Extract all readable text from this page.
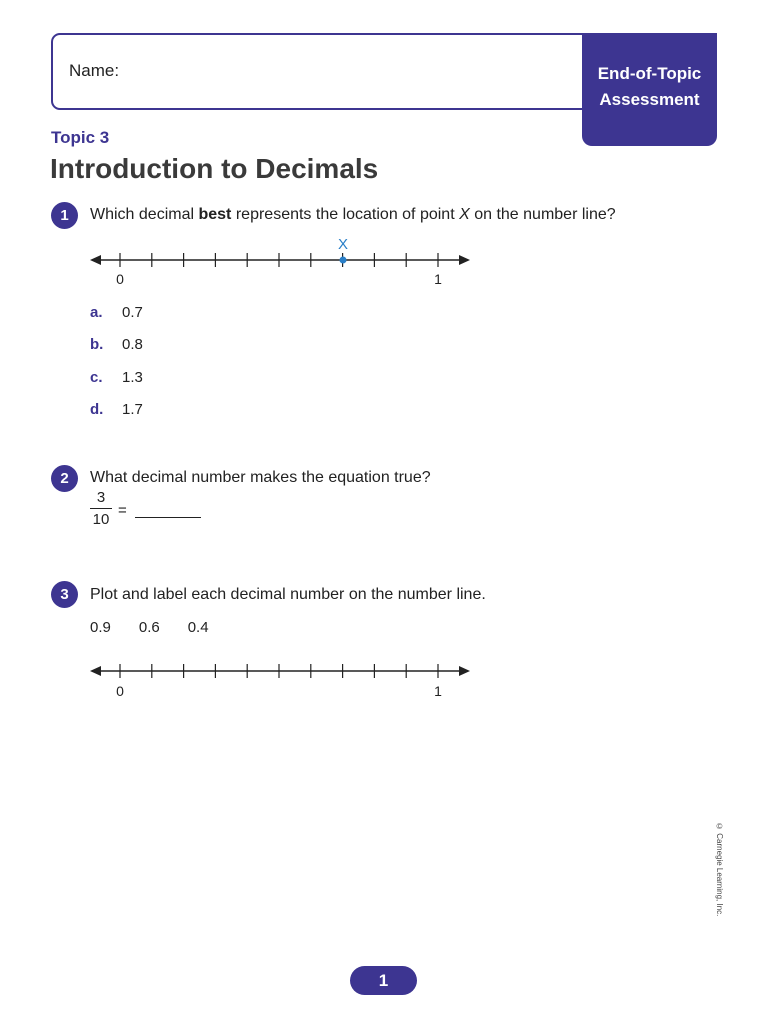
Name:	End-of-Topic
Assessment
Topic 3
Introduction to Decimals
1	Which decimal best represents the location of point X on the number line?
X
0	1
a. 0.7
b. 0.8
c. 1.3
d. 1.7
2	What decimal number makes the equation true?
$\frac{3}{10}$ =
3	Plot and label each decimal number on the number line.
0.9 0.6 0.4
0	1
© Carnegie Learning, Inc.
1
